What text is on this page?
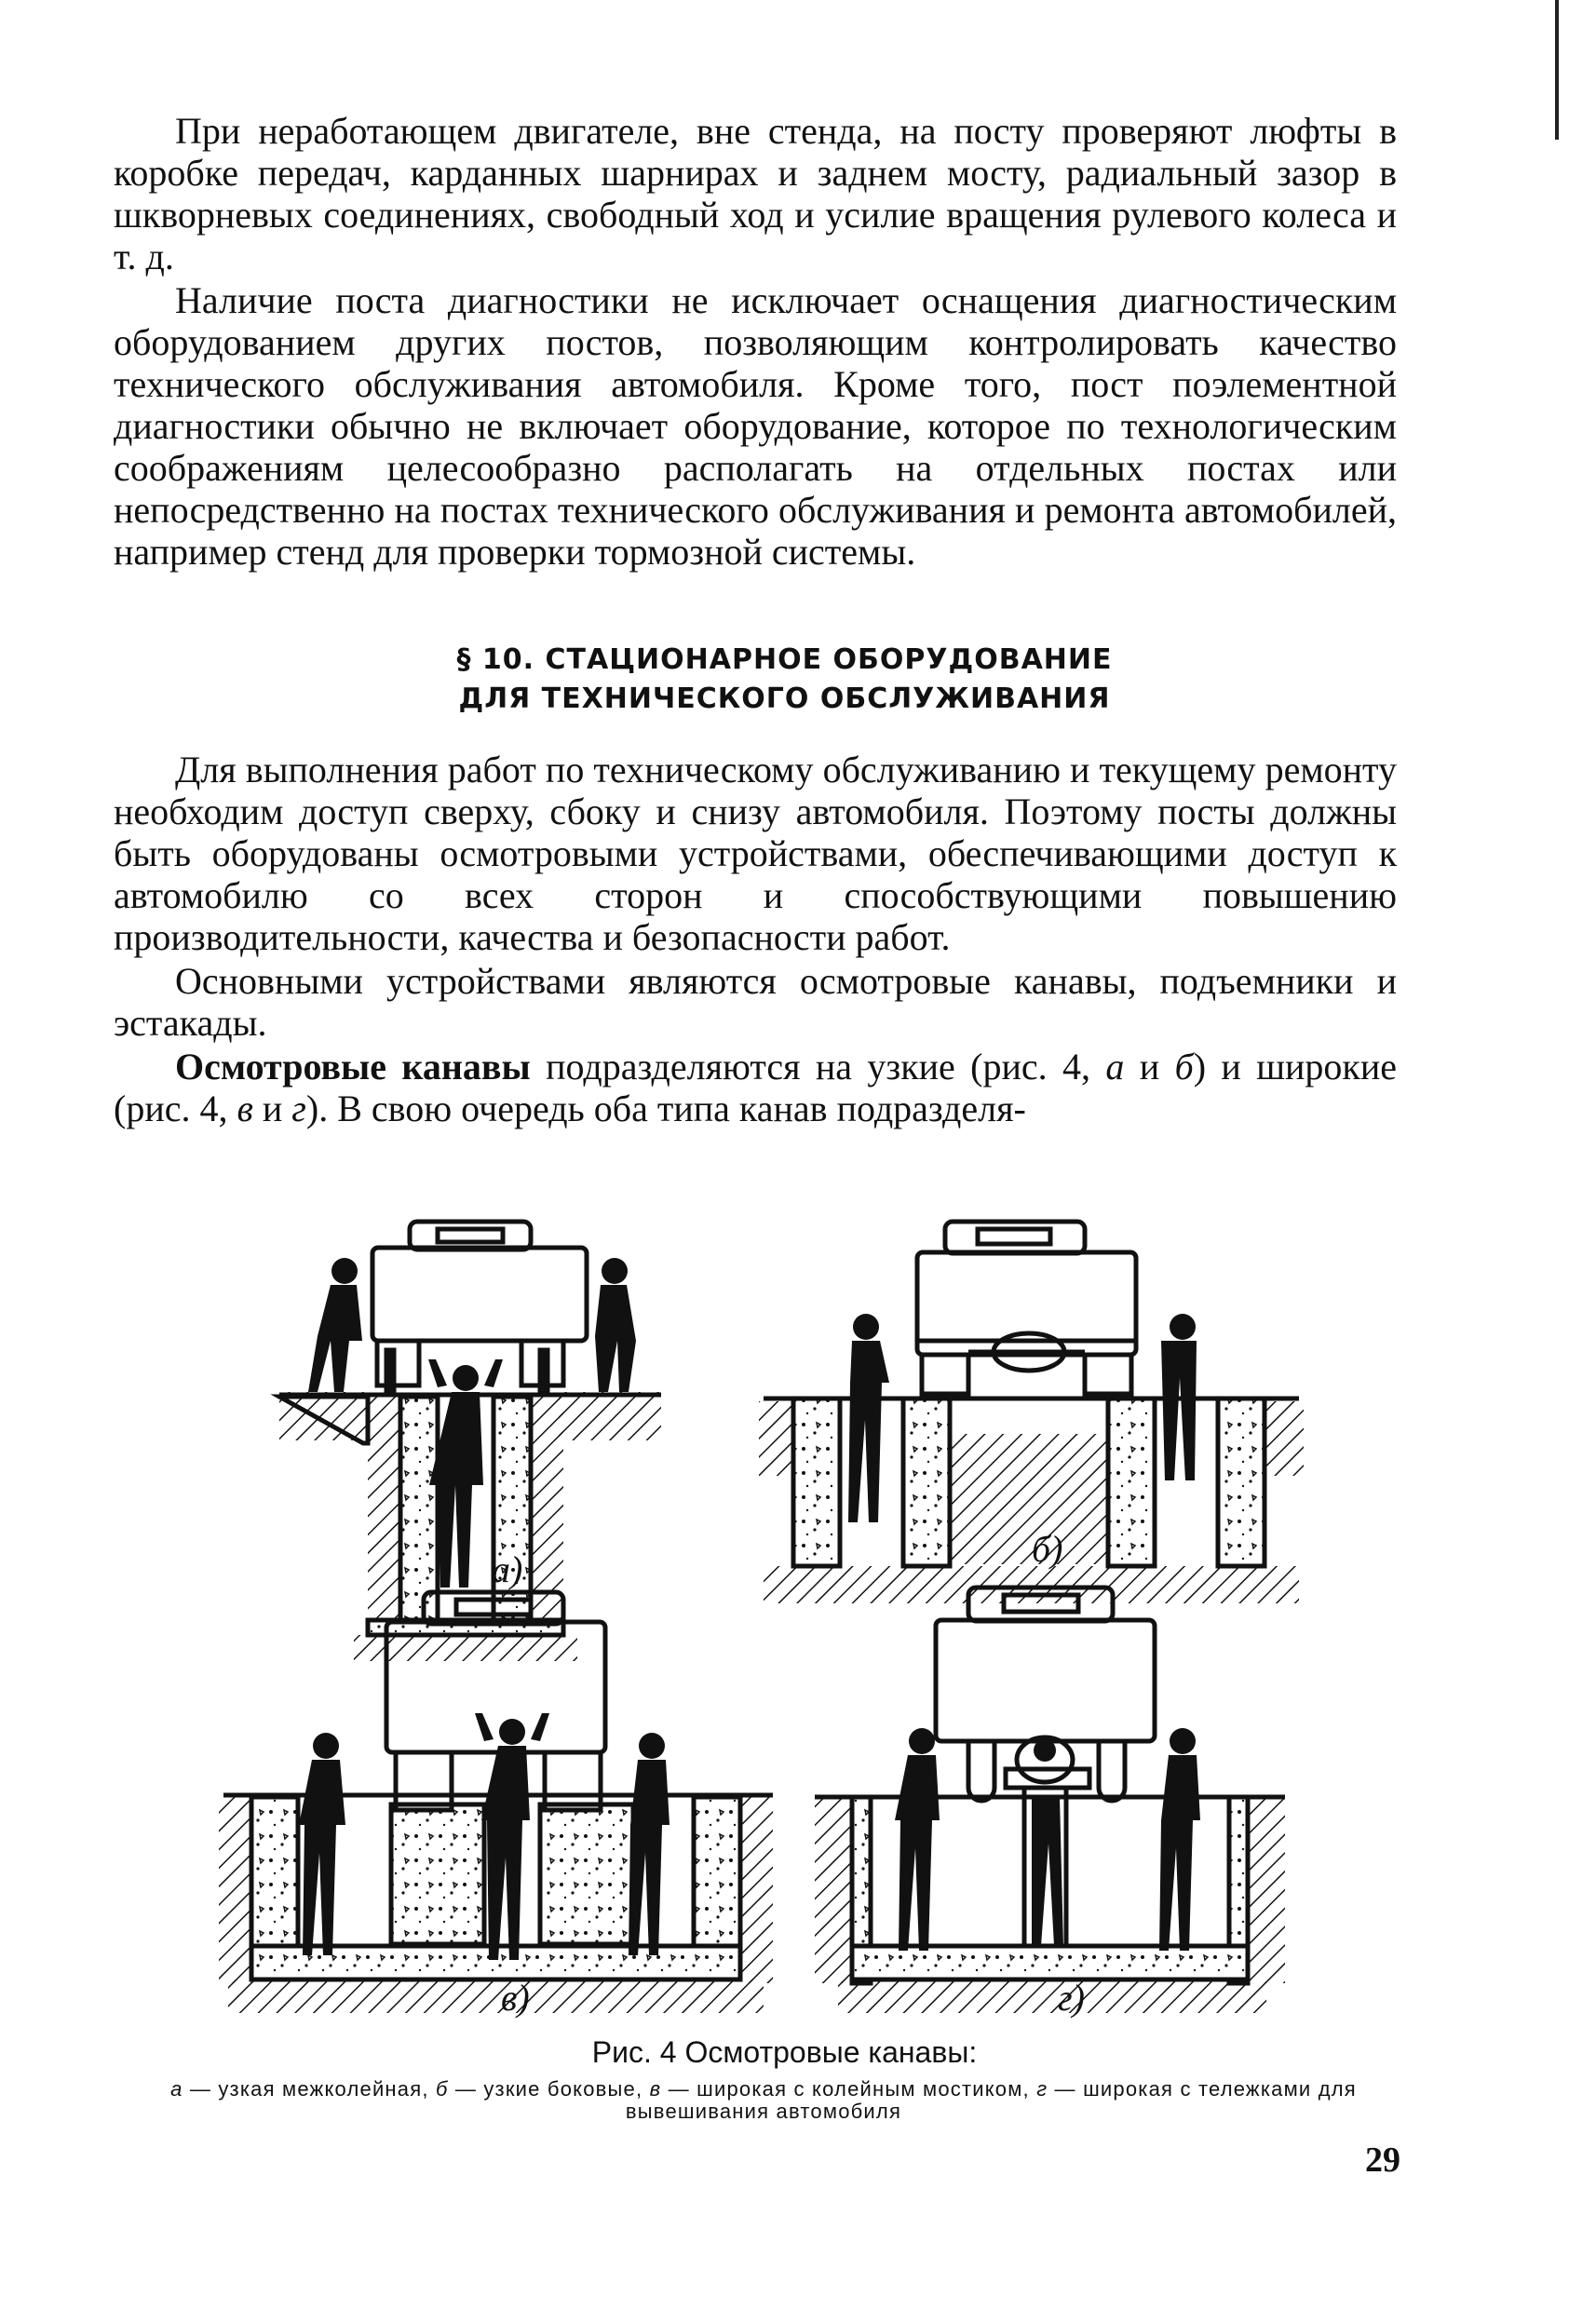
При неработающем двигателе, вне стенда, на посту проверяют люфты в коробке передач, карданных шарнирах и заднем мосту, радиальный зазор в шкворневых соединениях, свободный ход и усилие вращения рулевого колеса и т. д.

Наличие поста диагностики не исключает оснащения диагностическим оборудованием других постов, позволяющим контролировать качество технического обслуживания автомобиля. Кроме того, пост поэлементной диагностики обычно не включает оборудование, которое по технологическим соображениям целесообразно располагать на отдельных постах или непосредственно на постах технического обслуживания и ремонта автомобилей, например стенд для проверки тормозной системы.

§ 10. СТАЦИОНАРНОЕ ОБОРУДОВАНИЕ
ДЛЯ ТЕХНИЧЕСКОГО ОБСЛУЖИВАНИЯ

Для выполнения работ по техническому обслуживанию и текущему ремонту необходим доступ сверху, сбоку и снизу автомобиля. Поэтому посты должны быть оборудованы осмотровыми устройствами, обеспечивающими доступ к автомобилю со всех сторон и способствующими повышению производительности, качества и безопасности работ.

Основными устройствами являются осмотровые канавы, подъемники и эстакады.

Осмотровые канавы подразделяются на узкие (рис. 4, а и б) и широкие (рис. 4, в и г). В свою очередь оба типа канав подразделя-

а)	б)
в)	г)
Рис. 4 Осмотровые канавы:
а — узкая межколейная, б — узкие боковые, в — широкая с колейным мостиком, г — широкая с тележками для вывешивания автомобиля
29
